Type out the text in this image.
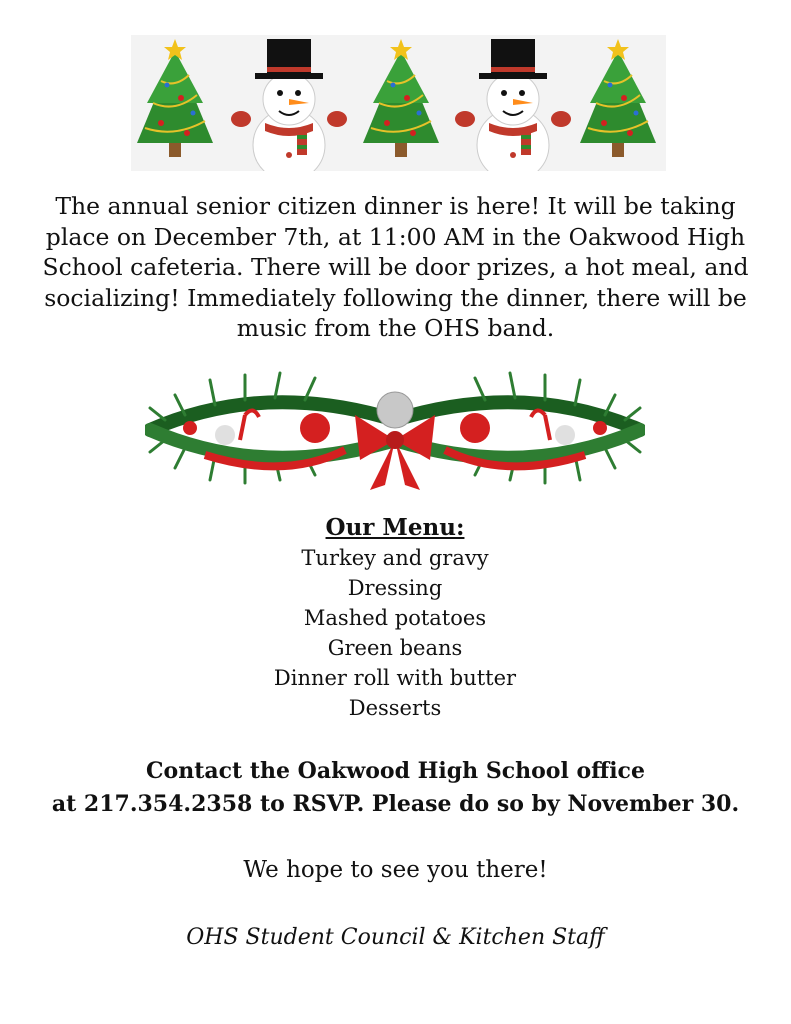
The annual senior citizen dinner is here! It will be taking place on December 7th, at 11:00 AM in the Oakwood High School cafeteria. There will be door prizes, a hot meal, and socializing! Immediately following the dinner, there will be music from the OHS band.

Our Menu:

Turkey and gravy
Dressing
Mashed potatoes
Green beans
Dinner roll with butter
Desserts

Contact the Oakwood High School office
at 217.354.2358 to RSVP. Please do so by November 30.

We hope to see you there!

OHS Student Council & Kitchen Staff
